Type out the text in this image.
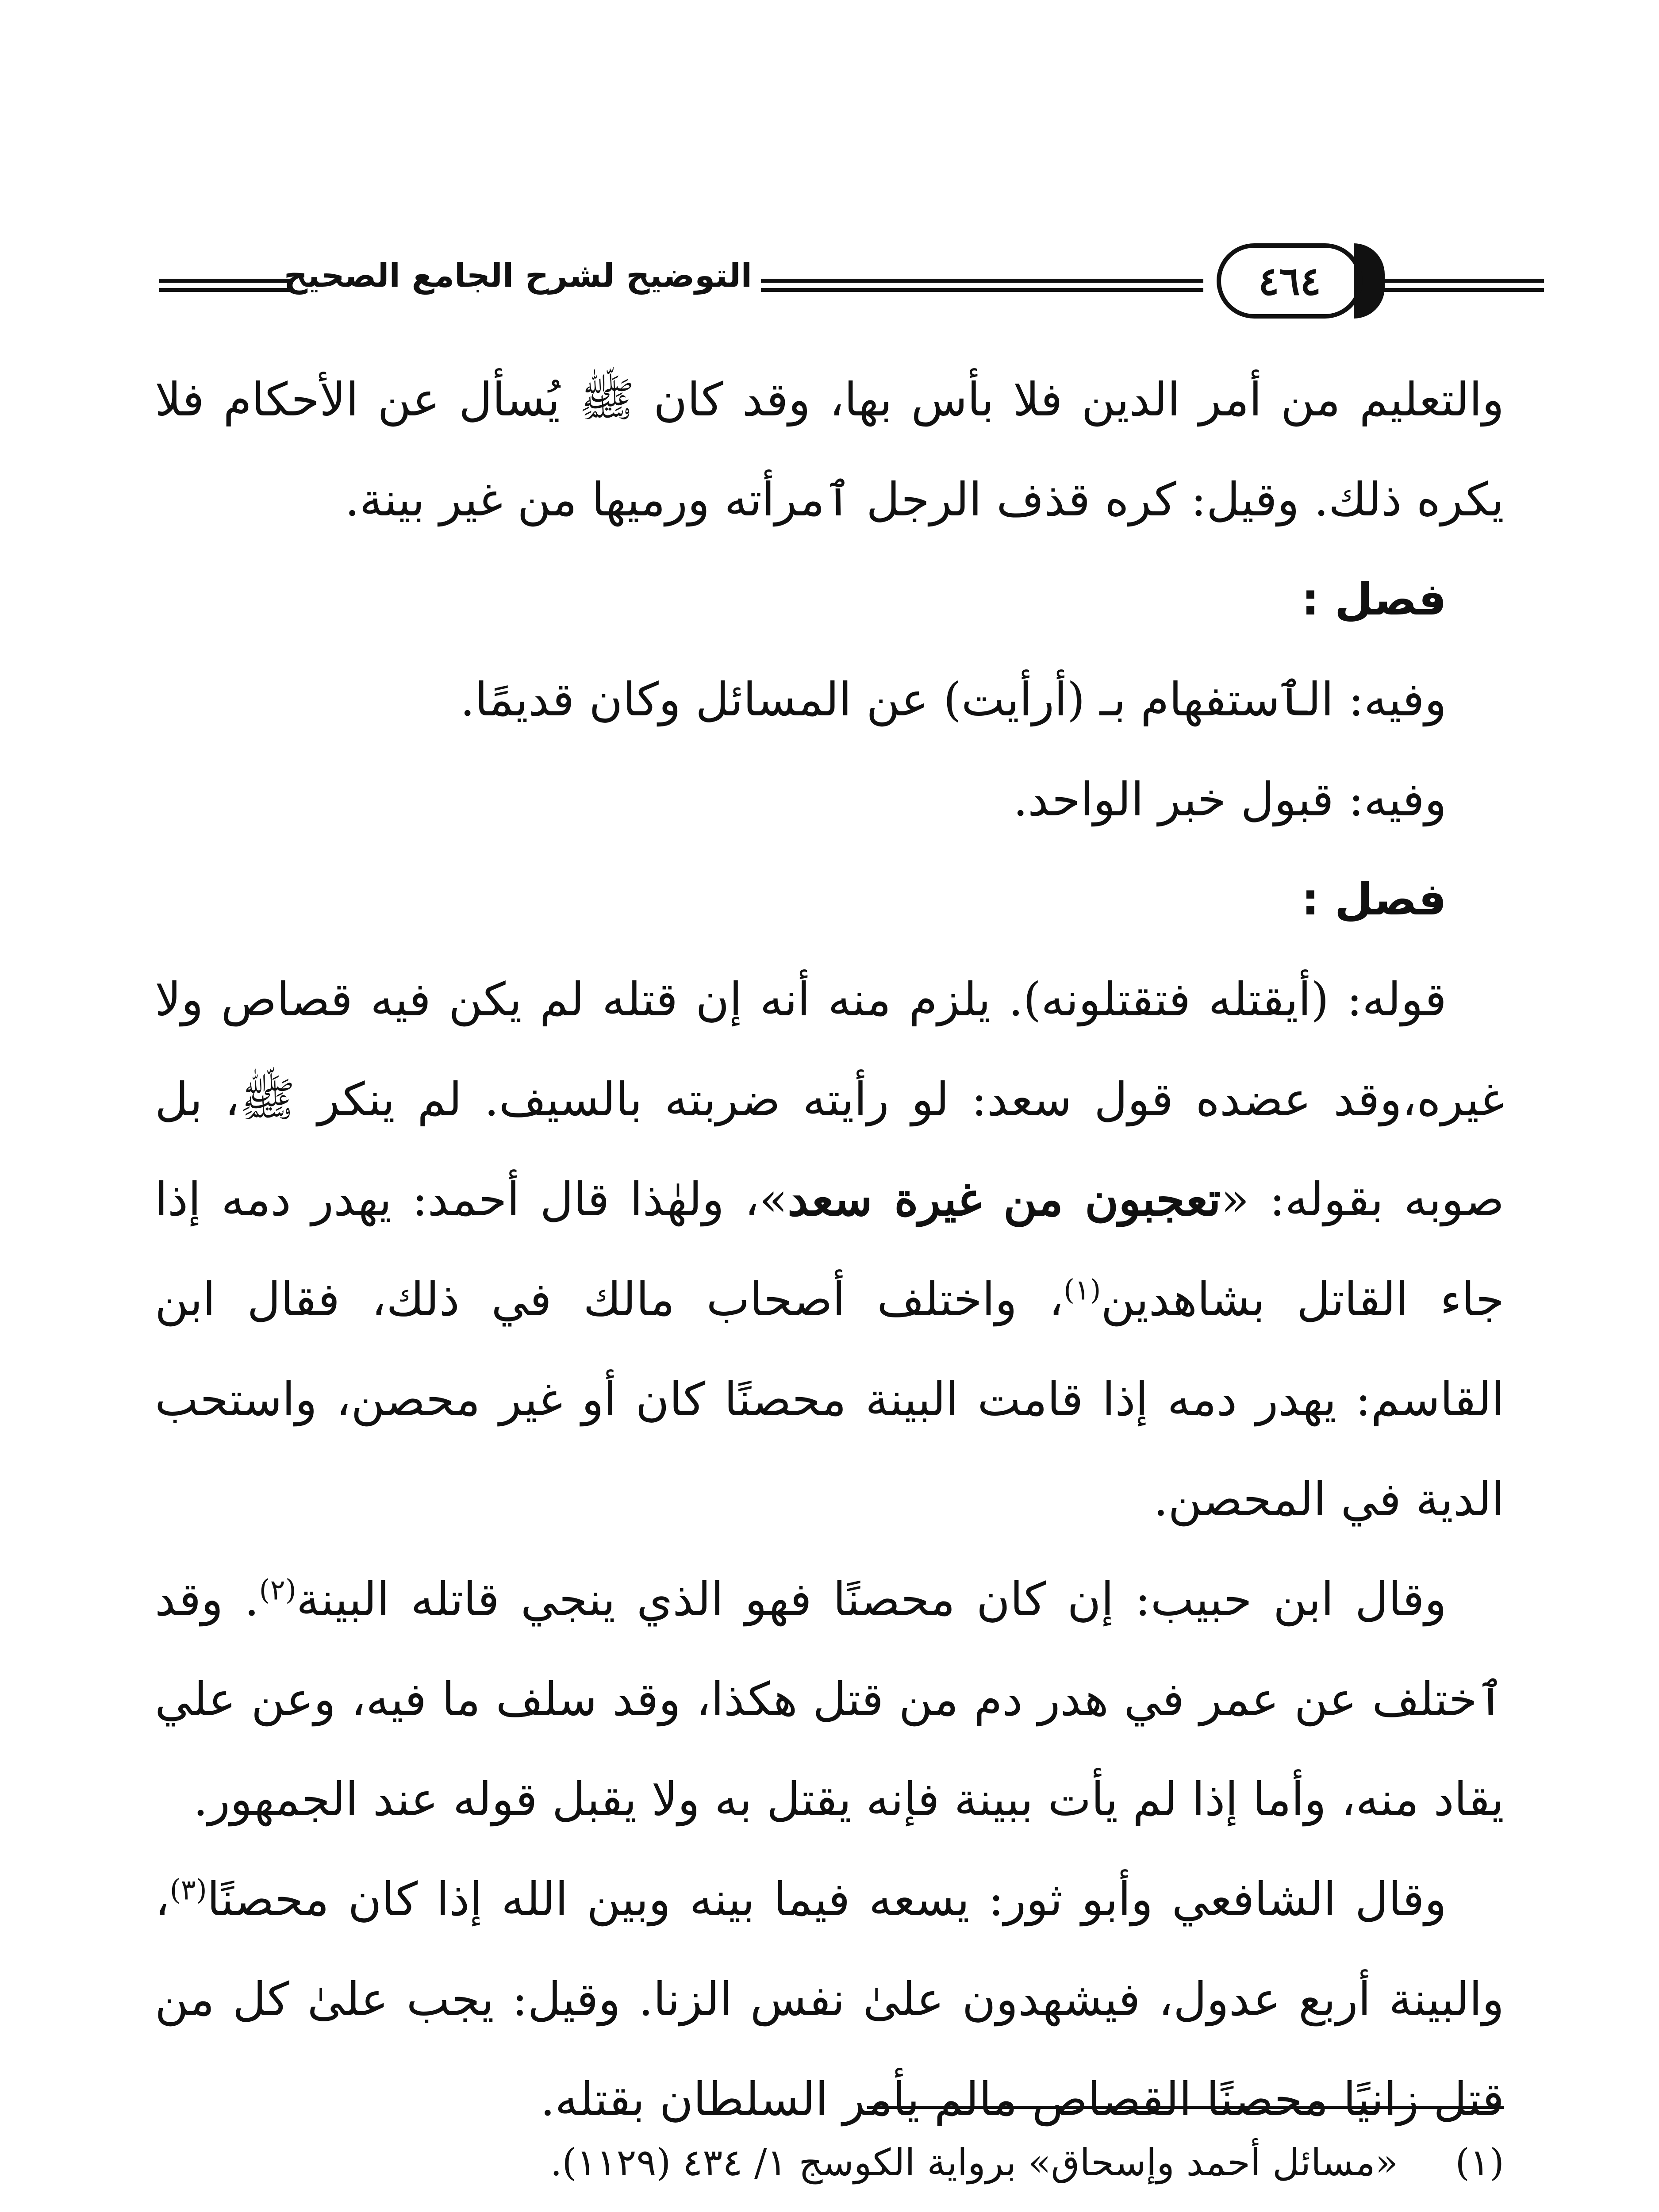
التوضيح لشرح الجامع الصحيح	٤٦٤

والتعليم من أمر الدين فلا بأس بها، وقد كان ﷺ يُسأل عن الأحكام فلا يكره ذلك. وقيل: كره قذف الرجل ٱمرأته ورميها من غير بينة.

فصل :

وفيه: الٱستفهام بـ (أرأيت) عن المسائل وكان قديمًا.

وفيه: قبول خبر الواحد.

فصل :

قوله: (أيقتله فتقتلونه). يلزم منه أنه إن قتله لم يكن فيه قصاص ولا غيره،وقد عضده قول سعد: لو رأيته ضربته بالسيف. لم ينكر ﷺ، بل صوبه بقوله: «تعجبون من غيرة سعد»، ولهٰذا قال أحمد: يهدر دمه إذا جاء القاتل بشاهدين$^{(١)}$، واختلف أصحاب مالك في ذلك، فقال ابن القاسم: يهدر دمه إذا قامت البينة محصنًا كان أو غير محصن، واستحب الدية في المحصن.

وقال ابن حبيب: إن كان محصنًا فهو الذي ينجي قاتله البينة$^{(٢)}$. وقد ٱختلف عن عمر في هدر دم من قتل هكذا، وقد سلف ما فيه، وعن علي يقاد منه، وأما إذا لم يأت ببينة فإنه يقتل به ولا يقبل قوله عند الجمهور.

وقال الشافعي وأبو ثور: يسعه فيما بينه وبين الله إذا كان محصنًا$^{(٣)}$، والبينة أربع عدول، فيشهدون علىٰ نفس الزنا. وقيل: يجب علىٰ كل من قتل زانيًا محصنًا القصاص مالم يأمر السلطان بقتله.

(١)
«مسائل أحمد وإسحاق» برواية الكوسج ١/ ٤٣٤ (١١٢٩).
